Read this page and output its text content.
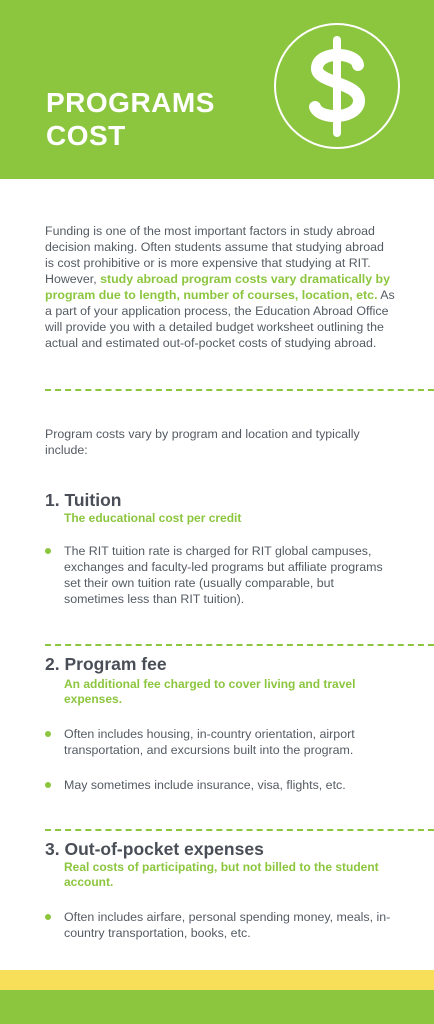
PROGRAMS
COST

Funding is one of the most important factors in study abroad decision making. Often students assume that studying abroad is cost prohibitive or is more expensive that studying at RIT. However, study abroad program costs vary dramatically by program due to length, number of courses, location, etc. As a part of your application process, the Education Abroad Office will provide you with a detailed budget worksheet outlining the actual and estimated out-of-pocket costs of studying abroad.

Program costs vary by program and location and typically include:

1. Tuition

The educational cost per credit

The RIT tuition rate is charged for RIT global campuses, exchanges and faculty-led programs but affiliate programs set their own tuition rate (usually comparable, but sometimes less than RIT tuition).
2. Program fee

An additional fee charged to cover living and travel expenses.

Often includes housing, in-country orientation, airport transportation, and excursions built into the program.
May sometimes include insurance, visa, flights, etc.
3. Out-of-pocket expenses

Real costs of participating, but not billed to the student account.

Often includes airfare, personal spending money, meals, in-country transportation, books, etc.
